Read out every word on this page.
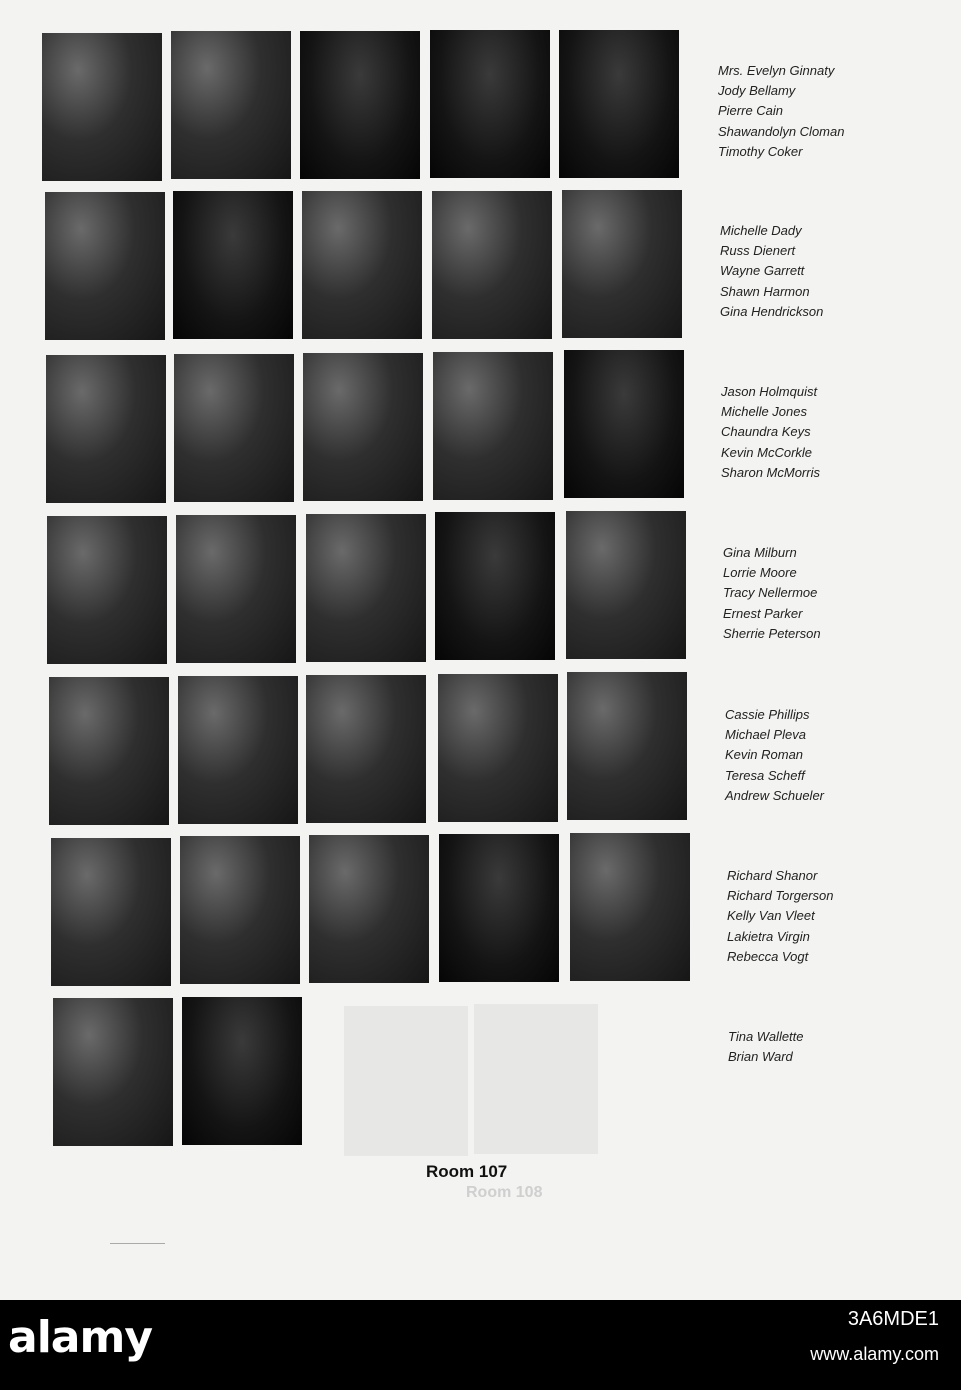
Mrs. Evelyn Ginnaty
Jody Bellamy
Pierre Cain
Shawandolyn Cloman
Timothy Coker
Michelle Dady
Russ Dienert
Wayne Garrett
Shawn Harmon
Gina Hendrickson
Jason Holmquist
Michelle Jones
Chaundra Keys
Kevin McCorkle
Sharon McMorris
Gina Milburn
Lorrie Moore
Tracy Nellermoe
Ernest Parker
Sherrie Peterson
Cassie Phillips
Michael Pleva
Kevin Roman
Teresa Scheff
Andrew Schueler
Richard Shanor
Richard Torgerson
Kelly Van Vleet
Lakietra Virgin
Rebecca Vogt
Tina Wallette
Brian Ward
Room 107
Room 108
alamy	3A6MDE1
www.alamy.com
